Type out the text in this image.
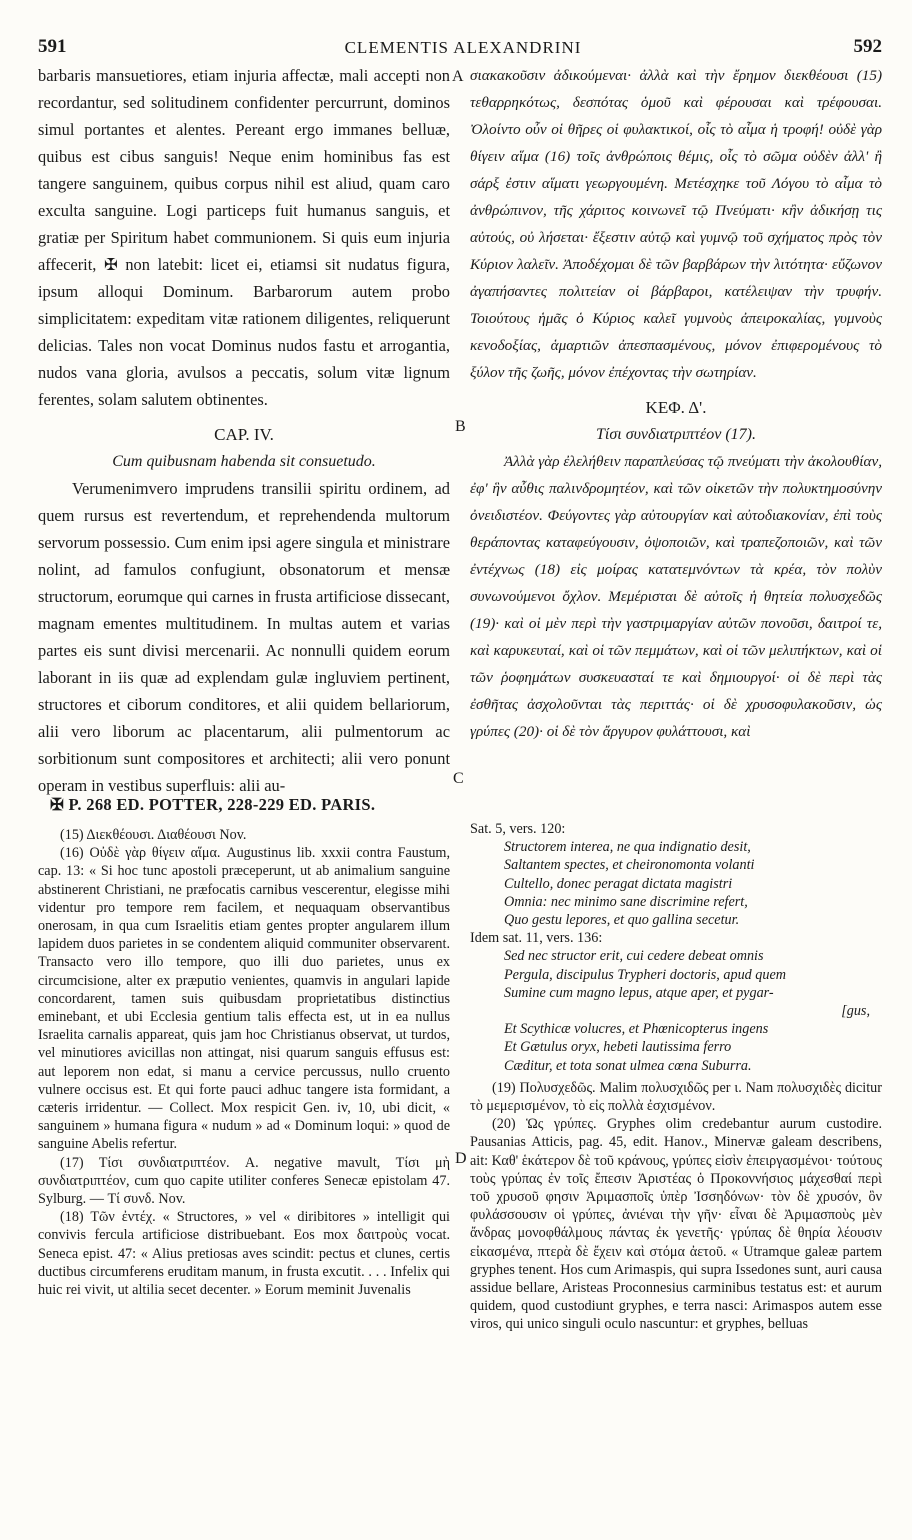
591	CLEMENTIS ALEXANDRINI	592

barbaris mansuetiores, etiam injuria affectæ, mali accepti non recordantur, sed solitudinem confidenter percurrunt, dominos simul portantes et alentes. Pereant ergo immanes belluæ, quibus est cibus sanguis! Neque enim hominibus fas est tangere sanguinem, quibus corpus nihil est aliud, quam caro exculta sanguine. Logi particeps fuit humanus sanguis, et gratiæ per Spiritum habet communionem. Si quis eum injuria affecerit, ✠ non latebit: licet ei, etiamsi sit nudatus figura, ipsum alloqui Dominum. Barbarorum autem probo simplicitatem: expeditam vitæ rationem diligentes, reliquerunt delicias. Tales non vocat Dominus nudos fastu et arrogantia, nudos vana gloria, avulsos a peccatis, solum vitæ lignum ferentes, solam salutem obtinentes.

CAP. IV.

Cum quibusnam habenda sit consuetudo.

Verumenimvero imprudens transilii spiritu ordinem, ad quem rursus est revertendum, et reprehendenda multorum servorum possessio. Cum enim ipsi agere singula et ministrare nolint, ad famulos confugiunt, obsonatorum et mensæ structorum, eorumque qui carnes in frusta artificiose dissecant, magnam ementes multitudinem. In multas autem et varias partes eis sunt divisi mercenarii. Ac nonnulli quidem eorum laborant in iis quæ ad explendam gulæ ingluviem pertinent, structores et ciborum conditores, et alii quidem bellariorum, alii vero liborum ac placentarum, alii pulmentorum ac sorbitionum sunt compositores et architecti; alii vero ponunt operam in vestibus superfluis: alii au-

σιακακοῦσιν ἀδικούμεναι· ἀλλὰ καὶ τὴν ἔρημον διεκθέουσι (15) τεθαρρηκότως, δεσπότας ὁμοῦ καὶ φέρουσαι καὶ τρέφουσαι. Ὀλοίντο οὖν οἱ θῆρες οἱ φυλακτικοί, οἷς τὸ αἷμα ἡ τροφή! οὐδὲ γὰρ θίγειν αἵμα (16) τοῖς ἀνθρώποις θέμις, οἷς τὸ σῶμα οὐδὲν ἀλλ' ἢ σάρξ ἐστιν αἵματι γεωργουμένη. Μετέσχηκε τοῦ Λόγου τὸ αἷμα τὸ ἀνθρώπινον, τῆς χάριτος κοινωνεῖ τῷ Πνεύματι· κἢν ἀδικήσῃ τις αὐτούς, οὐ λήσεται· ἔξεστιν αὐτῷ καὶ γυμνῷ τοῦ σχήματος πρὸς τὸν Κύριον λαλεῖν. Ἀποδέχομαι δὲ τῶν βαρβάρων τὴν λιτότητα· εὔζωνον ἀγαπήσαντες πολιτείαν οἱ βάρβαροι, κατέλειψαν τὴν τρυφήν. Τοιούτους ἡμᾶς ὁ Κύριος καλεῖ γυμνοὺς ἀπειροκαλίας, γυμνοὺς κενοδοξίας, ἁμαρτιῶν ἀπεσπασμένους, μόνον ἐπιφερομένους τὸ ξύλον τῆς ζωῆς, μόνον ἐπέχοντας τὴν σωτηρίαν.

ΚΕΦ. Δ'.

Τίσι συνδιατριπτέον (17).

Ἀλλὰ γὰρ ἐλελήθειν παραπλεύσας τῷ πνεύματι τὴν ἀκολουθίαν, ἐφ' ἣν αὖθις παλινδρομητέον, καὶ τῶν οἰκετῶν τὴν πολυκτημοσύνην ὀνειδιστέον. Φεύγοντες γὰρ αὐτουργίαν καὶ αὐτοδιακονίαν, ἐπὶ τοὺς θεράποντας καταφεύγουσιν, ὀψοποιῶν, καὶ τραπεζοποιῶν, καὶ τῶν ἐντέχνως (18) εἰς μοίρας κατατεμνόντων τὰ κρέα, τὸν πολὺν συνωνούμενοι ὄχλον. Μεμέρισται δὲ αὐτοῖς ἡ θητεία πολυσχεδῶς (19)· καὶ οἱ μὲν περὶ τὴν γαστριμαργίαν αὐτῶν πονοῦσι, δαιτροί τε, καὶ καρυκευταί, καὶ οἱ τῶν πεμμάτων, καὶ οἱ τῶν μελιπήκτων, καὶ οἱ τῶν ῥοφημάτων συσκευασταί τε καὶ δημιουργοί· οἱ δὲ περὶ τὰς ἐσθῆτας ἀσχολοῦνται τὰς περιττάς· οἱ δὲ χρυσοφυλακοῦσιν, ὡς γρύπες (20)· οἱ δὲ τὸν ἄργυρον φυλάττουσι, καὶ

A
B
C
D
✠ P. 268 ED. POTTER, 228-229 ED. PARIS.

(15) Διεκθέουσι. Διαθέουσι Nov.

(16) Οὐδὲ γὰρ θίγειν αἵμα. Augustinus lib. xxxii contra Faustum, cap. 13: « Si hoc tunc apostoli præceperunt, ut ab animalium sanguine abstinerent Christiani, ne præfocatis carnibus vescerentur, elegisse mihi videntur pro tempore rem facilem, et nequaquam observantibus onerosam, in qua cum Israelitis etiam gentes propter angularem illum lapidem duos parietes in se condentem aliquid communiter observarent. Transacto vero illo tempore, quo illi duo parietes, unus ex circumcisione, alter ex præputio venientes, quamvis in angulari lapide concordarent, tamen suis quibusdam proprietatibus distinctius eminebant, et ubi Ecclesia gentium talis effecta est, ut in ea nullus Israelita carnalis appareat, quis jam hoc Christianus observat, ut turdos, vel minutiores avicillas non attingat, nisi quarum sanguis effusus est: aut leporem non edat, si manu a cervice percussus, nullo cruento vulnere occisus est. Et qui forte pauci adhuc tangere ista formidant, a cæteris irridentur. — Collect. Mox respicit Gen. iv, 10, ubi dicit, « sanguinem » humana figura « nudum » ad « Dominum loqui: » quod de sanguine Abelis refertur.

(17) Τίσι συνδιατριπτέον. A. negative mavult, Τίσι μὴ συνδιατριπτέον, cum quo capite utiliter conferes Senecæ epistolam 47. Sylburg. — Τί συνδ. Nov.

(18) Τῶν ἐντέχ. « Structores, » vel « diribitores » intelligit qui convivis fercula artificiose distribuebant. Eos mox δαιτροὺς vocat. Seneca epist. 47: « Alius pretiosas aves scindit: pectus et clunes, certis ductibus circumferens eruditam manum, in frusta excutit. . . . Infelix qui huic rei vivit, ut altilia secet decenter. » Eorum meminit Juvenalis

Sat. 5, vers. 120:

Structorem interea, ne qua indignatio desit,

Saltantem spectes, et cheironomonta volanti

Cultello, donec peragat dictata magistri

Omnia: nec minimo sane discrimine refert,

Quo gestu lepores, et quo gallina secetur.

Idem sat. 11, vers. 136:

Sed nec structor erit, cui cedere debeat omnis

Pergula, discipulus Trypheri doctoris, apud quem

Sumine cum magno lepus, atque aper, et pygar-

[gus,

Et Scythicæ volucres, et Phœnicopterus ingens

Et Gætulus oryx, hebeti lautissima ferro

Cæditur, et tota sonat ulmea cœna Suburra.

(19) Πολυσχεδῶς. Malim πολυσχιδῶς per ι. Nam πολυσχιδὲς dicitur τὸ μεμερισμένον, τὸ εἰς πολλὰ ἐσχισμένον.

(20) Ὡς γρύπες. Gryphes olim credebantur aurum custodire. Pausanias Atticis, pag. 45, edit. Hanov., Minervæ galeam describens, ait: Καθ' ἑκάτερον δὲ τοῦ κράνους, γρύπες εἰσὶν ἐπειργασμένοι· τούτους τοὺς γρύπας ἐν τοῖς ἔπεσιν Ἀριστέας ὁ Προκοννήσιος μάχεσθαί περὶ τοῦ χρυσοῦ φησιν Ἀριμασποῖς ὑπὲρ Ἰσσηδόνων· τὸν δὲ χρυσόν, ὃν φυλάσσουσιν οἱ γρύπες, ἀνιέναι τὴν γῆν· εἶναι δὲ Ἀριμασποὺς μὲν ἄνδρας μονοφθάλμους πάντας ἐκ γενετῆς· γρύπας δὲ θηρία λέουσιν εἰκασμένα, πτερὰ δὲ ἔχειν καὶ στόμα ἀετοῦ. « Utramque galeæ partem gryphes tenent. Hos cum Arimaspis, qui supra Issedones sunt, auri causa assidue bellare, Aristeas Proconnesius carminibus testatus est: et aurum quidem, quod custodiunt gryphes, e terra nasci: Arimaspos autem esse viros, qui unico singuli oculo nascuntur: et gryphes, belluas
